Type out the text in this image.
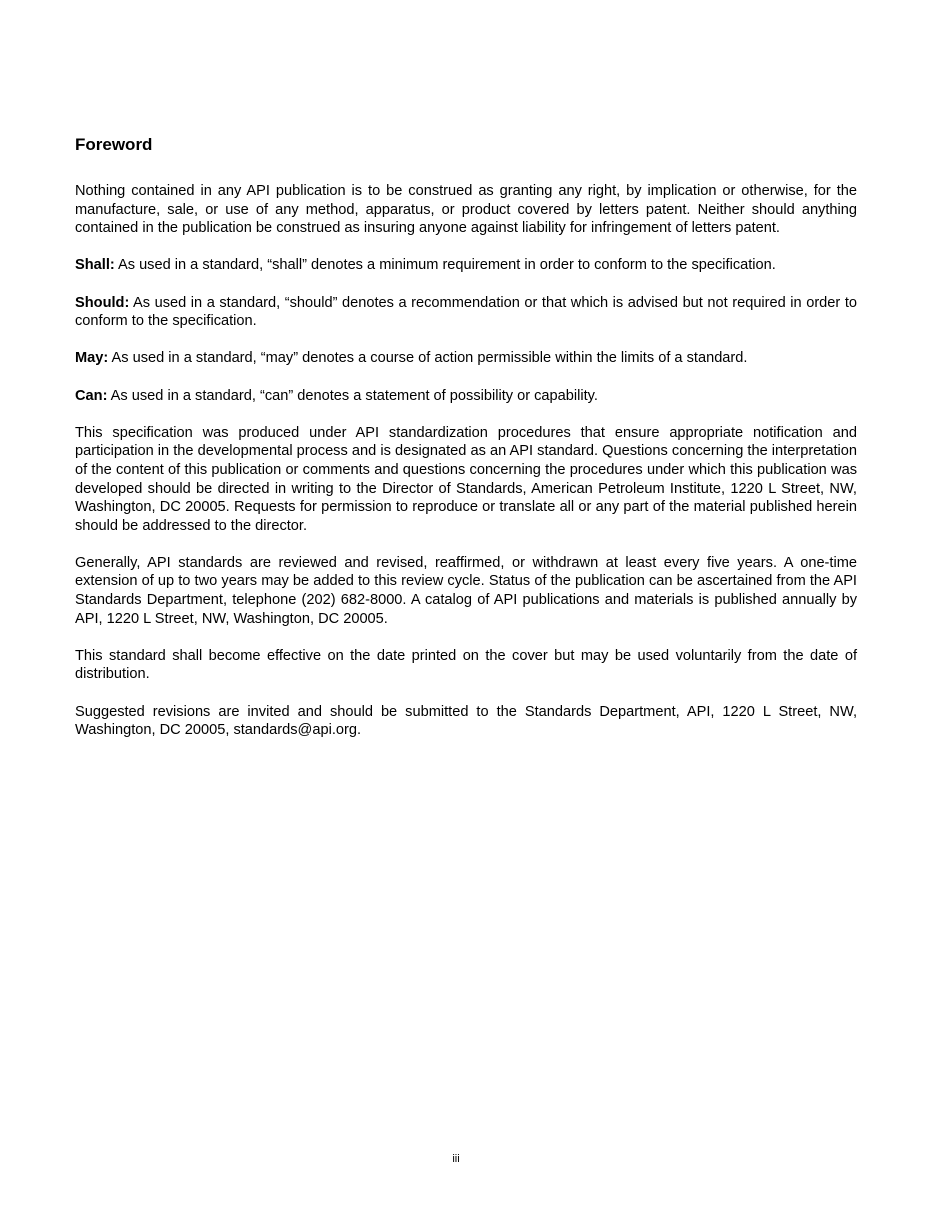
Foreword

Nothing contained in any API publication is to be construed as granting any right, by implication or otherwise, for the manufacture, sale, or use of any method, apparatus, or product covered by letters patent. Neither should anything contained in the publication be construed as insuring anyone against liability for infringement of letters patent.

Shall: As used in a standard, “shall” denotes a minimum requirement in order to conform to the specification.

Should: As used in a standard, “should” denotes a recommendation or that which is advised but not required in order to conform to the specification.

May: As used in a standard, “may” denotes a course of action permissible within the limits of a standard.

Can: As used in a standard, “can” denotes a statement of possibility or capability.

This specification was produced under API standardization procedures that ensure appropriate notification and participation in the developmental process and is designated as an API standard. Questions concerning the interpretation of the content of this publication or comments and questions concerning the procedures under which this publication was developed should be directed in writing to the Director of Standards, American Petroleum Institute, 1220 L Street, NW, Washington, DC 20005. Requests for permission to reproduce or translate all or any part of the material published herein should be addressed to the director.

Generally, API standards are reviewed and revised, reaffirmed, or withdrawn at least every five years. A one-time extension of up to two years may be added to this review cycle. Status of the publication can be ascertained from the API Standards Department, telephone (202) 682-8000. A catalog of API publications and materials is published annually by API, 1220 L Street, NW, Washington, DC 20005.

This standard shall become effective on the date printed on the cover but may be used voluntarily from the date of distribution.

Suggested revisions are invited and should be submitted to the Standards Department, API, 1220 L Street, NW, Washington, DC 20005, standards@api.org.

iii
